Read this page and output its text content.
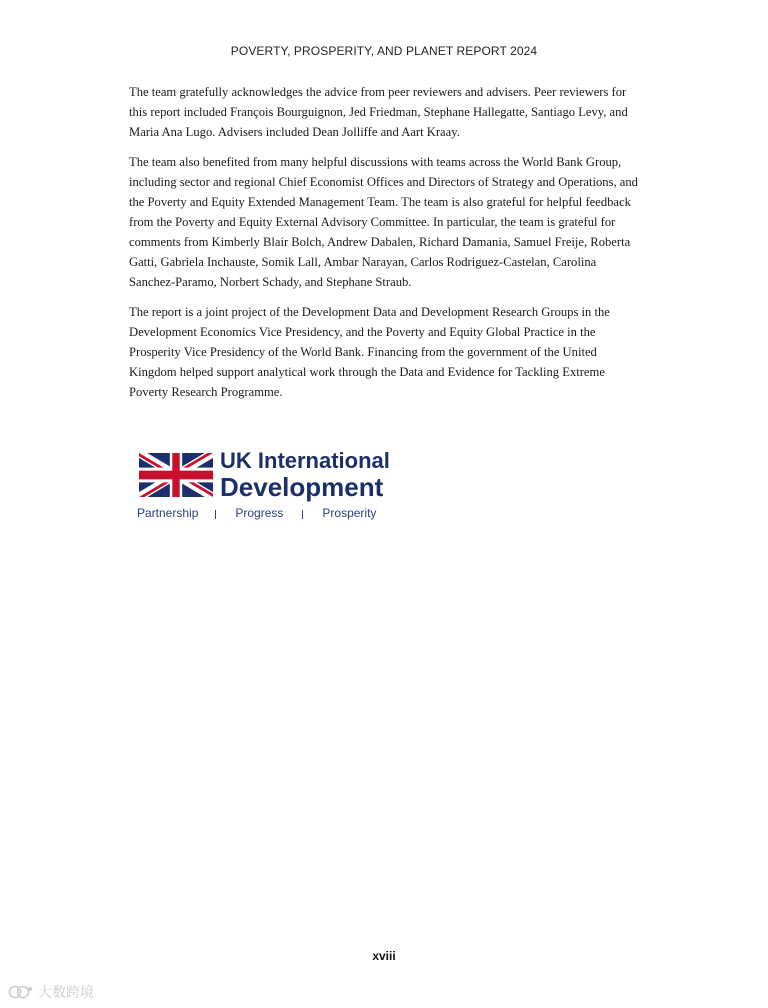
POVERTY, PROSPERITY, AND PLANET REPORT 2024

The team gratefully acknowledges the advice from peer reviewers and advisers. Peer reviewers for this report included François Bourguignon, Jed Friedman, Stephane Hallegatte, Santiago Levy, and Maria Ana Lugo. Advisers included Dean Jolliffe and Aart Kraay.

The team also benefited from many helpful discussions with teams across the World Bank Group, including sector and regional Chief Economist Offices and Directors of Strategy and Operations, and the Poverty and Equity Extended Management Team. The team is also grateful for helpful feedback from the Poverty and Equity External Advisory Committee. In particular, the team is grateful for comments from Kimberly Blair Bolch, Andrew Dabalen, Richard Damania, Samuel Freije, Roberta Gatti, Gabriela Inchauste, Somik Lall, Ambar Narayan, Carlos Rodriguez-Castelan, Carolina Sanchez-Paramo, Norbert Schady, and Stephane Straub.

The report is a joint project of the Development Data and Development Research Groups in the Development Economics Vice Presidency, and the Poverty and Equity Global Practice in the Prosperity Vice Presidency of the World Bank. Financing from the government of the United Kingdom helped support analytical work through the Data and Evidence for Tackling Extreme Poverty Research Programme.

UK International
Development
Partnership	Progress	Prosperity
xviii
大数跨境
